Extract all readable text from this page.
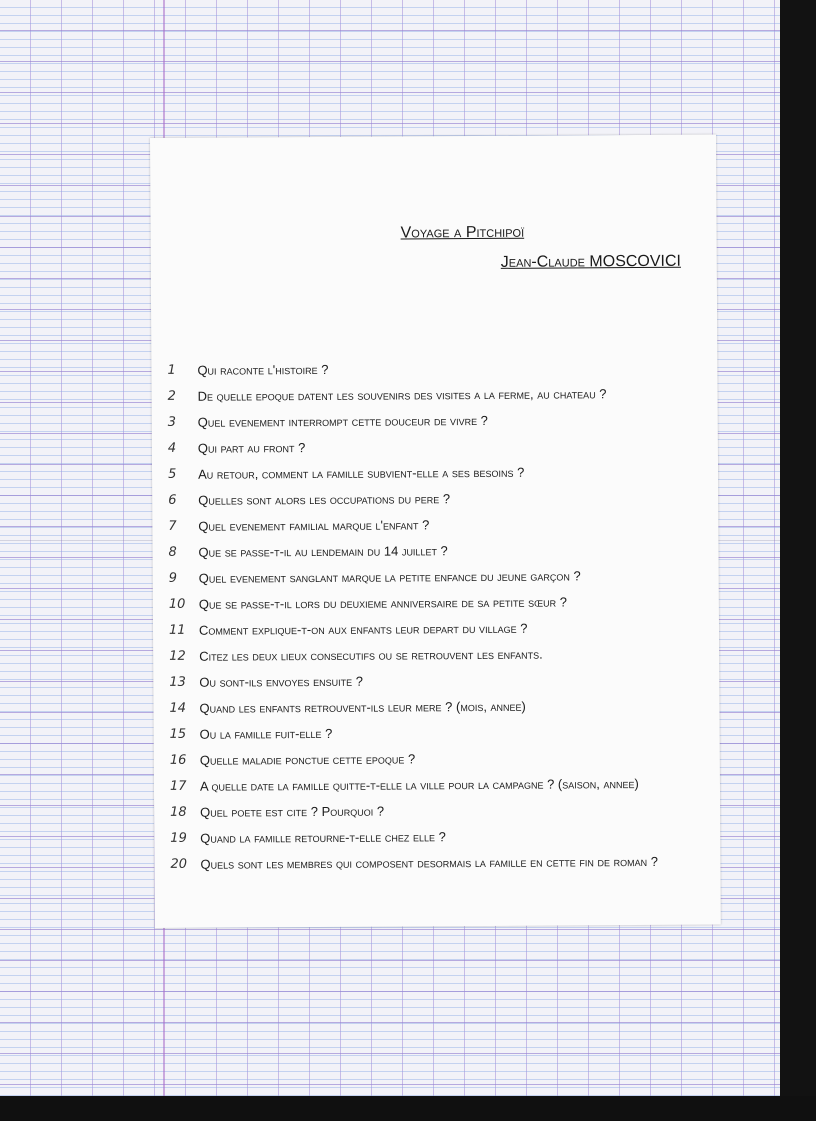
Voyage a Pitchipoï
Jean-Claude MOSCOVICI
1	Qui raconte l'histoire ?
2	De quelle epoque datent les souvenirs des visites a la ferme, au chateau ?
3	Quel evenement interrompt cette douceur de vivre ?
4	Qui part au front ?
5	Au retour, comment la famille subvient-elle a ses besoins ?
6	Quelles sont alors les occupations du pere ?
7	Quel evenement familial marque l'enfant ?
8	Que se passe-t-il au lendemain du 14 juillet ?
9	Quel evenement sanglant marque la petite enfance du jeune garçon ?
10	Que se passe-t-il lors du deuxieme anniversaire de sa petite sœur ?
11	Comment explique-t-on aux enfants leur depart du village ?
12	Citez les deux lieux consecutifs ou se retrouvent les enfants.
13	Ou sont-ils envoyes ensuite ?
14	Quand les enfants retrouvent-ils leur mere ? (mois, annee)
15	Ou la famille fuit-elle ?
16	Quelle maladie ponctue cette epoque ?
17	A quelle date la famille quitte-t-elle la ville pour la campagne ? (saison, annee)
18	Quel poete est cite ? Pourquoi ?
19	Quand la famille retourne-t-elle chez elle ?
20	Quels sont les membres qui composent desormais la famille en cette fin de roman ?
